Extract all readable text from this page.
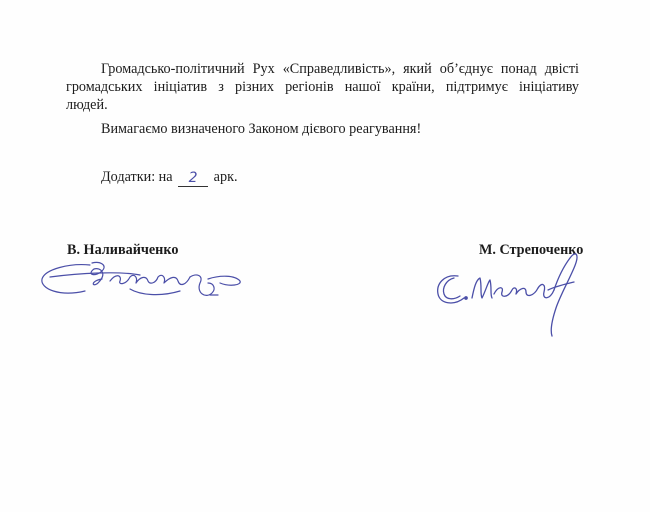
Громадсько-політичний Рух «Справедливість», який об’єднує понад двісті
громадських ініціатив з різних регіонів нашої країни, підтримує ініціативу
людей.

Вимагаємо визначеного Законом дієвого реагування!

Додатки: на 2 арк.
В. Наливайченко	М. Стрепоченко
